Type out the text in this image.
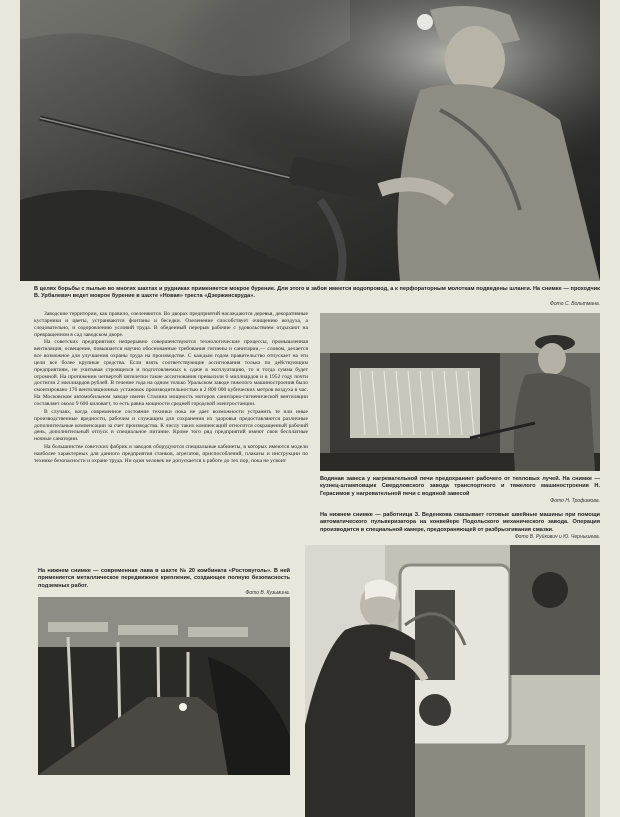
В целях борьбы с пылью во многих шахтах и рудниках применяется мокрое бурение. Для этого в забоя имеется водопровод, а к перфораторным молоткам подведены шланги. На снимке — проходчик В. Урбалевич ведет мокрое бурение в шахте «Новая» треста «Дзержинскруда».
Фото С. Вольтмана.

Заводские территории, как правило, озеленяются. Во дворах предприятий насаждаются деревья, декоративные кустарники и цветы, устраиваются фонтаны и беседки. Озеленение способствует очищению воздуха, а следовательно, и оздоровлению условий труда. В обеденный перерыв рабочие с удовольствием отдыхают на превращенном в сад заводском дворе.

На советских предприятиях непрерывно совершенствуются технологические процессы, промышленная вентиляция, освещение, повышается научно обоснованные требования гигиены и санитарии,— словом, делается все возможное для улучшения охраны труда на производстве. С каждым годом правительство отпускает на эти цели все более крупные средства. Если взять соответствующие ассигнования только по действующим предприятиям, не учитывая строящихся и подготовляемых к сдаче в эксплуатацию, то и тогда сумма будет огромной. На протяжении четвертой пятилетки такие ассигнования превысили 6 миллиардов и в 1952 году почти достигли 2 миллиардов рублей. В течение года на одном только Уральском заводе тяжелого машиностроения было смонтировано 176 вентиляционных установок производительностью в 2 800 000 кубических метров воздуха в час. На Московском автомобильном заводе имени Сталина мощность моторов санитарно-гигиенической вентиляции составляет около 9 600 киловатт, то есть равна мощности средней городской электростанции.

В случаях, когда современное состояние техники пока не дает возможности устранить те или иные производственные вредности, рабочим и служащим для сохранения их здоровья предоставляются различные дополнительные компенсации за счет производства. К числу таких компенсаций относится сокращенный рабочий день, дополнительный отпуск и специальное питание. Кроме того ряд предприятий имеют свои бесплатные ночные санатории.

На большинстве советских фабрик и заводов оборудуются специальные кабинеты, в которых имеются модели наиболее характерных для данного предприятия станков, агрегатов, приспособлений, плакаты и инструкции по технике безопасности и охране труда. Ни один человек не допускается к работе до тех пор, пока не усвоит

Водяная завеса у нагревательной печи предохраняет рабочего от тепловых лучей. На снимке — кузнец-штамповщик Свердловского завода транспортного и тяжелого машиностроения Н. Герасимов у нагревательной печи с водяной завесой
Фото Н. Трофимова.
На нижнем снимке — работница З. Веденкова смазывает готовые швейные машины при помощи автоматического пульверизатора на конвейере Подольского механического завода. Операция производится в специальной камере, предохраняющей от разбрызгивания смазки.
Фото В. Руйкович и Ю. Чернышева.
На нижнем снимке — современная лава в шахте № 20 комбината «Ростовуголь». В ней применяется металлическое передвижное крепление, создающее полную безопасность подземных работ.
Фото В. Кузьмина.
